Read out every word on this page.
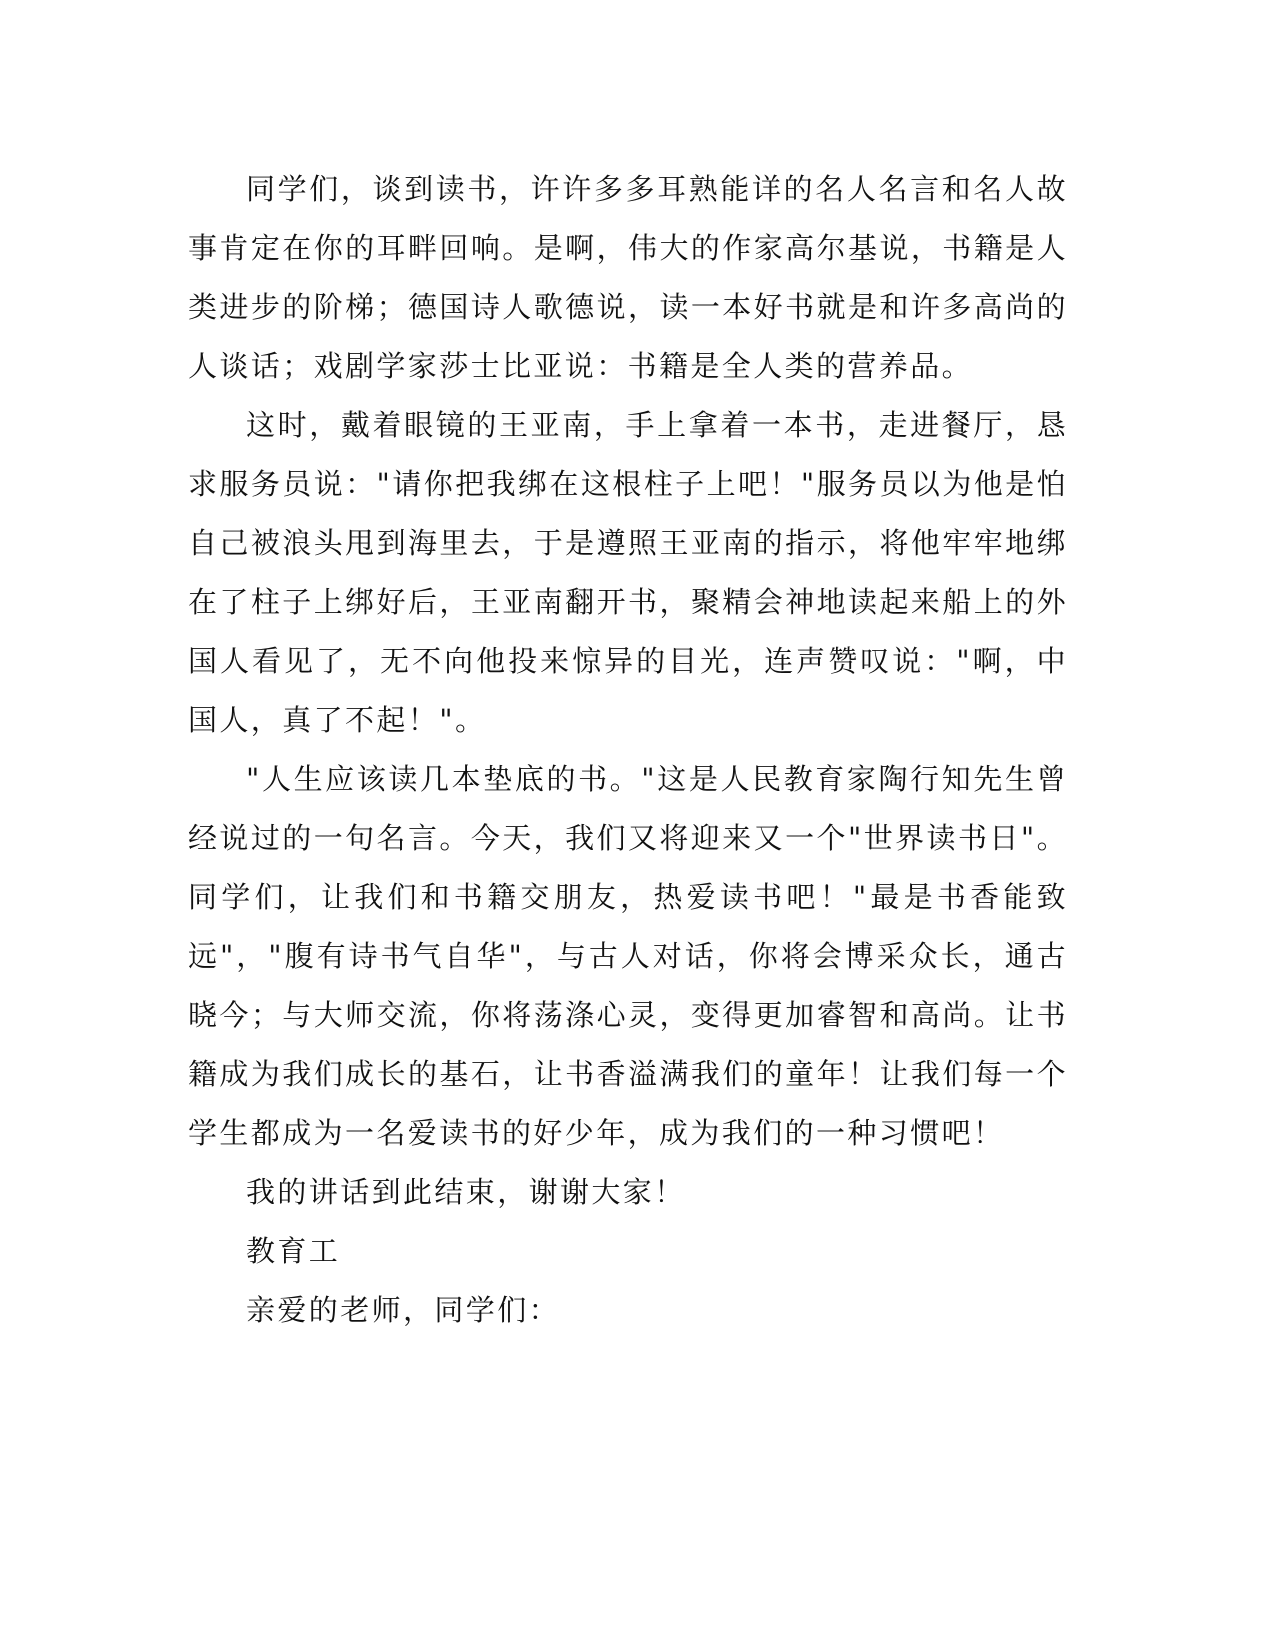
同学们，谈到读书，许许多多耳熟能详的名人名言和名人故事肯定在你的耳畔回响。是啊，伟大的作家高尔基说，书籍是人类进步的阶梯；德国诗人歌德说，读一本好书就是和许多高尚的人谈话；戏剧学家莎士比亚说：书籍是全人类的营养品。

这时，戴着眼镜的王亚南，手上拿着一本书，走进餐厅，恳求服务员说："请你把我绑在这根柱子上吧！"服务员以为他是怕自己被浪头甩到海里去，于是遵照王亚南的指示，将他牢牢地绑在了柱子上绑好后，王亚南翻开书，聚精会神地读起来船上的外国人看见了，无不向他投来惊异的目光，连声赞叹说："啊，中国人，真了不起！"。

"人生应该读几本垫底的书。"这是人民教育家陶行知先生曾经说过的一句名言。今天，我们又将迎来又一个"世界读书日"。同学们，让我们和书籍交朋友，热爱读书吧！"最是书香能致远"，"腹有诗书气自华"，与古人对话，你将会博采众长，通古晓今；与大师交流，你将荡涤心灵，变得更加睿智和高尚。让书籍成为我们成长的基石，让书香溢满我们的童年！让我们每一个学生都成为一名爱读书的好少年，成为我们的一种习惯吧！

我的讲话到此结束，谢谢大家！

教育工

亲爱的老师，同学们：
